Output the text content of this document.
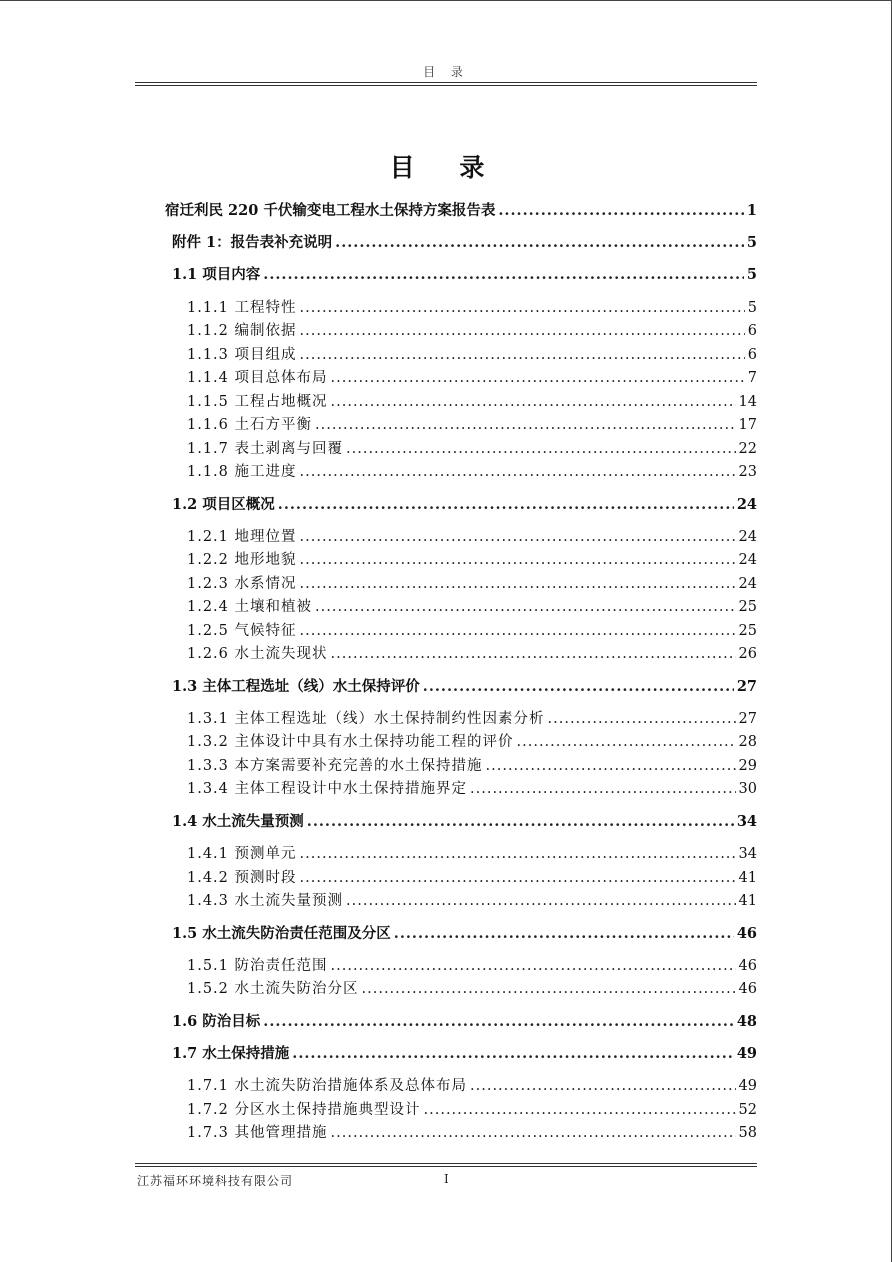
目 录
目 录
宿迁利民 220 千伏输变电工程水土保持方案报告表 .....	1
附件 1：报告表补充说明 .....	5
1.1 项目内容 .....	5
1.1.1 工程特性 .....	5
1.1.2 编制依据 .....	6
1.1.3 项目组成 .....	6
1.1.4 项目总体布局 .....	7
1.1.5 工程占地概况 .....	14
1.1.6 土石方平衡 .....	17
1.1.7 表土剥离与回覆 .....	22
1.1.8 施工进度 .....	23
1.2 项目区概况 .....	24
1.2.1 地理位置 .....	24
1.2.2 地形地貌 .....	24
1.2.3 水系情况 .....	24
1.2.4 土壤和植被 .....	25
1.2.5 气候特征 .....	25
1.2.6 水土流失现状 .....	26
1.3 主体工程选址（线）水土保持评价 .....	27
1.3.1 主体工程选址（线）水土保持制约性因素分析 .....	27
1.3.2 主体设计中具有水土保持功能工程的评价 .....	28
1.3.3 本方案需要补充完善的水土保持措施 .....	29
1.3.4 主体工程设计中水土保持措施界定 .....	30
1.4 水土流失量预测 .....	34
1.4.1 预测单元 .....	34
1.4.2 预测时段 .....	41
1.4.3 水土流失量预测 .....	41
1.5 水土流失防治责任范围及分区 .....	46
1.5.1 防治责任范围 .....	46
1.5.2 水土流失防治分区 .....	46
1.6 防治目标 .....	48
1.7 水土保持措施 .....	49
1.7.1 水土流失防治措施体系及总体布局 .....	49
1.7.2 分区水土保持措施典型设计 .....	52
1.7.3 其他管理措施 .....	58
江苏福环环境科技有限公司	I
